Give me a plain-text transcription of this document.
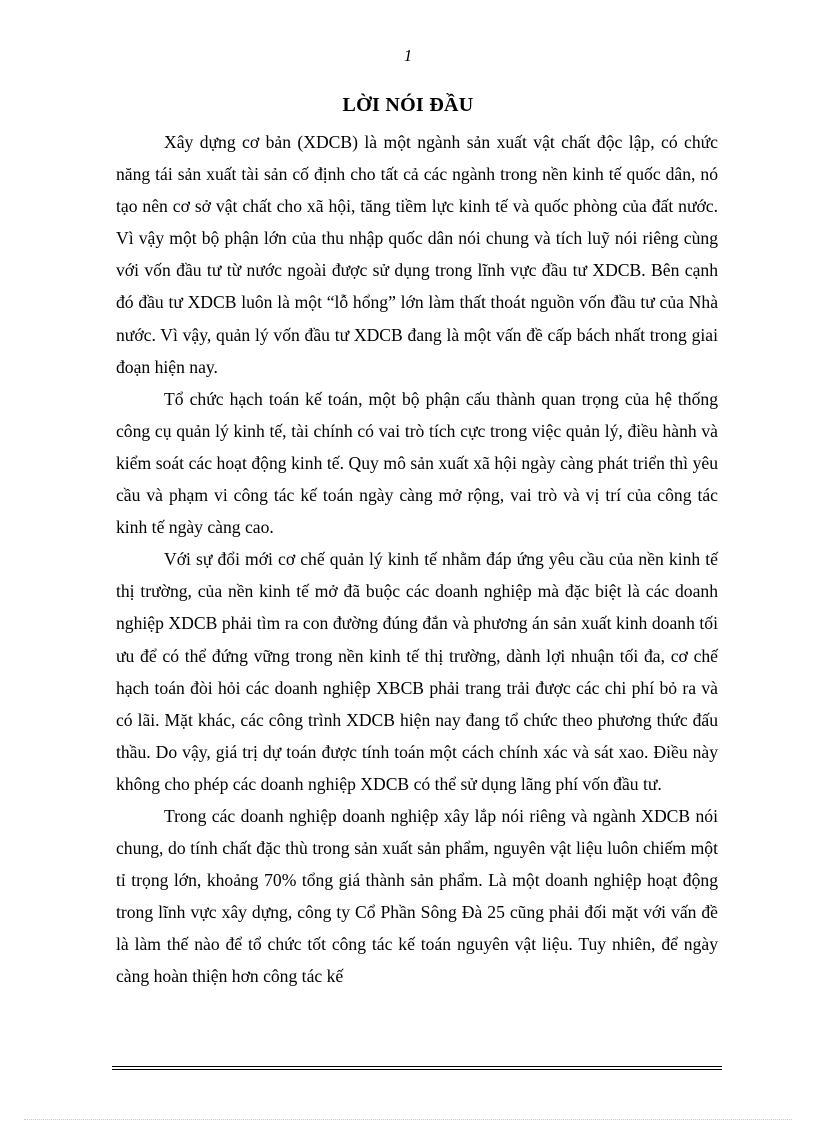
1
LỜI NÓI ĐẦU

Xây dựng cơ bản (XDCB) là một ngành sản xuất vật chất độc lập, có chức năng tái sản xuất tài sản cố định cho tất cả các ngành trong nền kinh tế quốc dân, nó tạo nên cơ sở vật chất cho xã hội, tăng tiềm lực kinh tế và quốc phòng của đất nước. Vì vậy một bộ phận lớn của thu nhập quốc dân nói chung và tích luỹ nói riêng cùng với vốn đầu tư từ nước ngoài được sử dụng trong lĩnh vực đầu tư XDCB. Bên cạnh đó đầu tư XDCB luôn là một “lỗ hổng” lớn làm thất thoát nguồn vốn đầu tư của Nhà nước. Vì vậy, quản lý vốn đầu tư XDCB đang là một vấn đề cấp bách nhất trong giai đoạn hiện nay.

Tổ chức hạch toán kế toán, một bộ phận cấu thành quan trọng của hệ thống công cụ quản lý kinh tế, tài chính có vai trò tích cực trong việc quản lý, điều hành và kiểm soát các hoạt động kinh tế. Quy mô sản xuất xã hội ngày càng phát triển thì yêu cầu và phạm vi công tác kế toán ngày càng mở rộng, vai trò và vị trí của công tác kinh tế ngày càng cao.

Với sự đổi mới cơ chế quản lý kinh tế nhằm đáp ứng yêu cầu của nền kinh tế thị trường, của nền kinh tế mở đã buộc các doanh nghiệp mà đặc biệt là các doanh nghiệp XDCB phải tìm ra con đường đúng đắn và phương án sản xuất kinh doanh tối ưu để có thể đứng vững trong nền kinh tế thị trường, dành lợi nhuận tối đa, cơ chế hạch toán đòi hỏi các doanh nghiệp XBCB phải trang trải được các chi phí bỏ ra và có lãi. Mặt khác, các công trình XDCB hiện nay đang tổ chức theo phương thức đấu thầu. Do vậy, giá trị dự toán được tính toán một cách chính xác và sát xao. Điều này không cho phép các doanh nghiệp XDCB có thể sử dụng lãng phí vốn đầu tư.

Trong các doanh nghiệp doanh nghiệp xây lắp nói riêng và ngành XDCB nói chung, do tính chất đặc thù trong sản xuất sản phẩm, nguyên vật liệu luôn chiếm một tỉ trọng lớn, khoảng 70% tổng giá thành sản phẩm. Là một doanh nghiệp hoạt động trong lĩnh vực xây dựng, công ty Cổ Phần Sông Đà 25 cũng phải đối mặt với vấn đề là làm thế nào để tổ chức tốt công tác kế toán nguyên vật liệu. Tuy nhiên, để ngày càng hoàn thiện hơn công tác kế
